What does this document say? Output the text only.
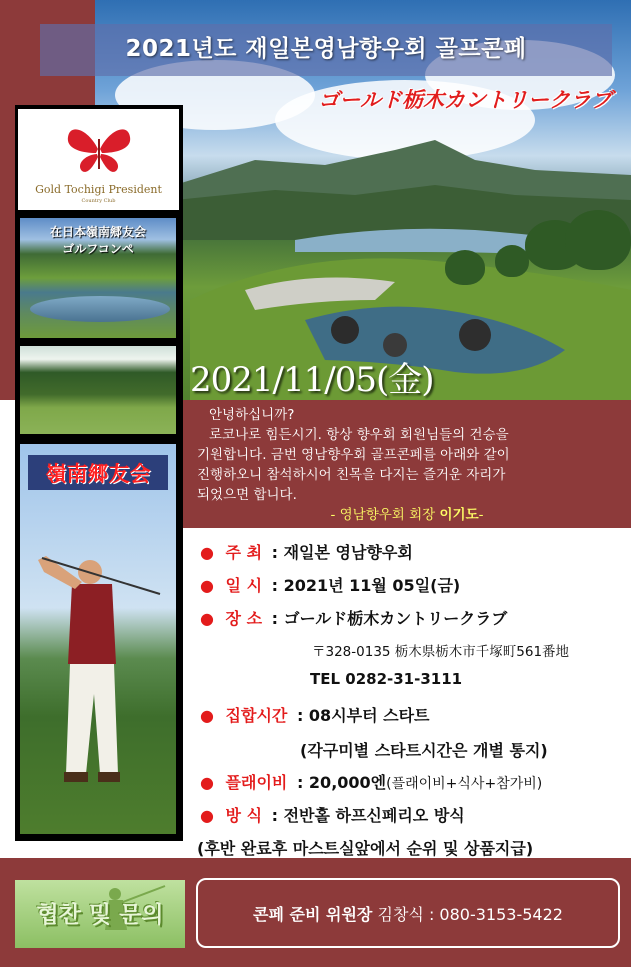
2021년도 재일본영남향우회 골프콘페
ゴールド栃木カントリークラブ
Gold Tochigi President
Country Club
在日本嶺南郷友会
ゴルフコンペ
嶺南郷友会
2021/11/05(金)
안녕하십니까?
로코나로 힘든시기. 항상 향우회 회원님들의 건승을
기원합니다. 금번 영남향우회 골프콘페를 아래와 같이
진행하오니 참석하시어 친목을 다지는 즐거운 자리가
되었으면 합니다.
- 영남향우회 회장 이기도-
● 주 최 : 재일본 영남향우회
● 일 시 : 2021년 11월 05일(금)
● 장 소 : ゴールド栃木カントリークラブ
〒328-0135 栃木県栃木市千塚町561番地
TEL 0282-31-3111
● 집합시간 : 08시부터 스타트
(각구미별 스타트시간은 개별 통지)
● 플래이비 : 20,000엔(플래이비+식사+참가비)
● 방 식 : 전반홀 하프신페리오 방식
(후반 완료후 마스트실앞에서 순위 및 상품지급)
협찬 및 문의	콘페 준비 위원장 김창식 : 080-3153-5422
